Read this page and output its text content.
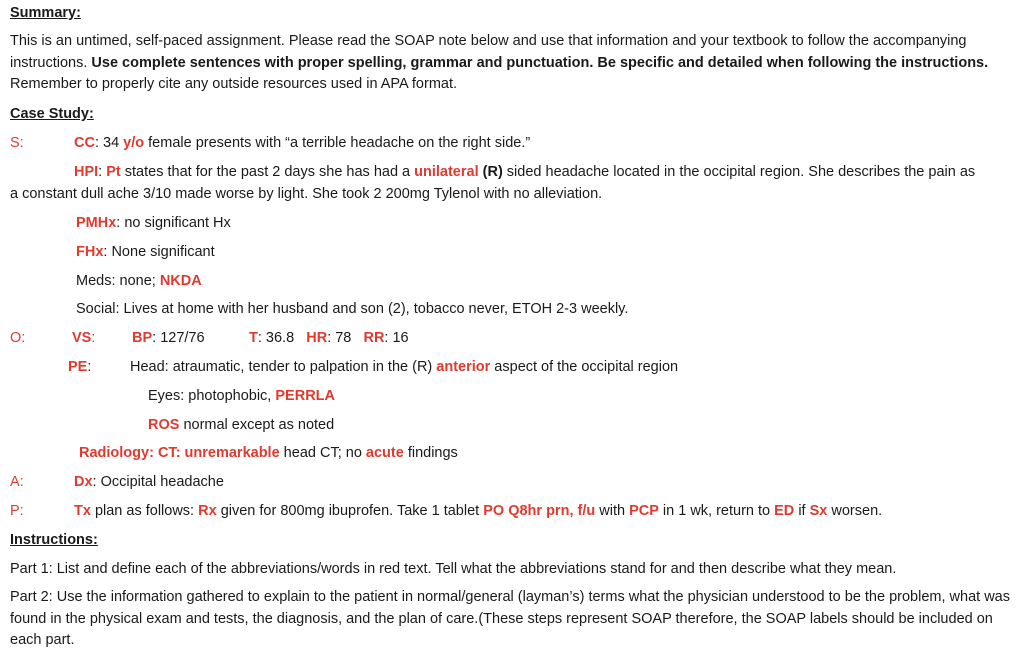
Summary:
This is an untimed, self-paced assignment. Please read the SOAP note below and use that information and your textbook to follow the accompanying instructions. Use complete sentences with proper spelling, grammar and punctuation. Be specific and detailed when following the instructions. Remember to properly cite any outside resources used in APA format.
Case Study:
S:	CC: 34 y/o female presents with “a terrible headache on the right side.”
HPI: Pt states that for the past 2 days she has had a unilateral (R) sided headache located in the occipital region. She describes the pain as
a constant dull ache 3/10 made worse by light. She took 2 200mg Tylenol with no alleviation.
PMHx: no significant Hx
FHx: None significant
Meds: none; NKDA
Social: Lives at home with her husband and son (2), tobacco never, ETOH 2-3 weekly.
O:	VS:	BP: 127/76	T: 36.8 HR: 78 RR: 16
PE:	Head: atraumatic, tender to palpation in the (R) anterior aspect of the occipital region
Eyes: photophobic, PERRLA
ROS normal except as noted
Radiology: CT: unremarkable head CT; no acute findings
A:	Dx: Occipital headache
P:	Tx plan as follows: Rx given for 800mg ibuprofen. Take 1 tablet PO Q8hr prn, f/u with PCP in 1 wk, return to ED if Sx worsen.
Instructions:
Part 1: List and define each of the abbreviations/words in red text. Tell what the abbreviations stand for and then describe what they mean.
Part 2: Use the information gathered to explain to the patient in normal/general (layman’s) terms what the physician understood to be the problem, what was found in the physical exam and tests, the diagnosis, and the plan of care.(These steps represent SOAP therefore, the SOAP labels should be included on each part.
